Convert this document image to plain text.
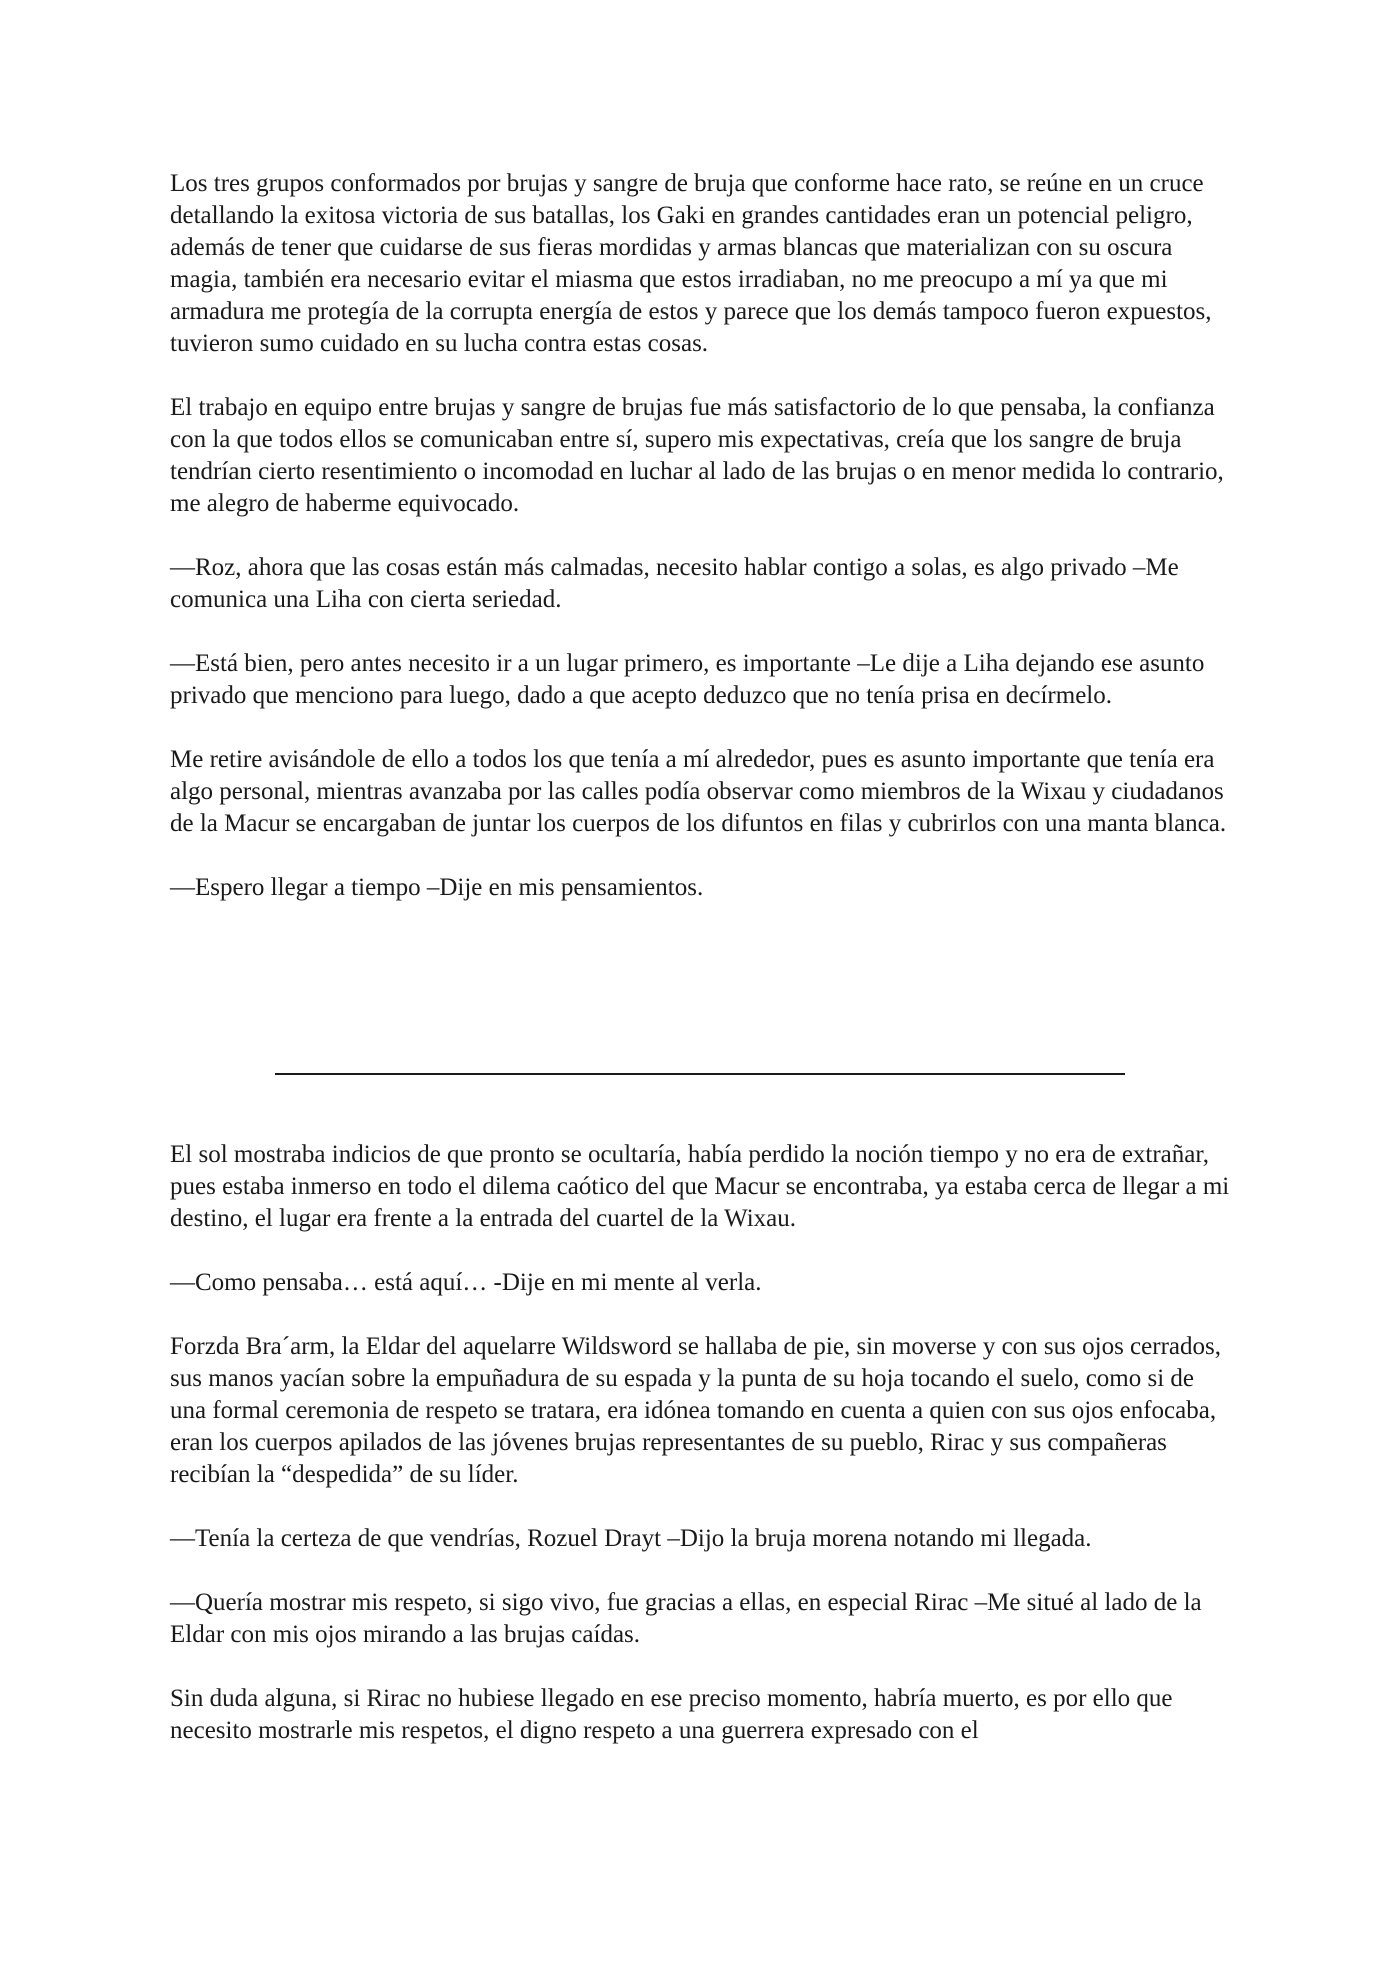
Los tres grupos conformados por brujas y sangre de bruja que conforme hace rato, se reúne en un cruce detallando la exitosa victoria de sus batallas, los Gaki en grandes cantidades eran un potencial peligro, además de tener que cuidarse de sus fieras mordidas y armas blancas que materializan con su oscura magia, también era necesario evitar el miasma que estos irradiaban, no me preocupo a mí ya que mi armadura me protegía de la corrupta energía de estos y parece que los demás tampoco fueron expuestos, tuvieron sumo cuidado en su lucha contra estas cosas.

El trabajo en equipo entre brujas y sangre de brujas fue más satisfactorio de lo que pensaba, la confianza con la que todos ellos se comunicaban entre sí, supero mis expectativas, creía que los sangre de bruja tendrían cierto resentimiento o incomodad en luchar al lado de las brujas o en menor medida lo contrario, me alegro de haberme equivocado.

—Roz, ahora que las cosas están más calmadas, necesito hablar contigo a solas, es algo privado –Me comunica una Liha con cierta seriedad.

—Está bien, pero antes necesito ir a un lugar primero, es importante –Le dije a Liha dejando ese asunto privado que menciono para luego, dado a que acepto deduzco que no tenía prisa en decírmelo.

Me retire avisándole de ello a todos los que tenía a mí alrededor, pues es asunto importante que tenía era algo personal, mientras avanzaba por las calles podía observar como miembros de la Wixau y ciudadanos de la Macur se encargaban de juntar los cuerpos de los difuntos en filas y cubrirlos con una manta blanca.

—Espero llegar a tiempo –Dije en mis pensamientos.

El sol mostraba indicios de que pronto se ocultaría, había perdido la noción tiempo y no era de extrañar, pues estaba inmerso en todo el dilema caótico del que Macur se encontraba, ya estaba cerca de llegar a mi destino, el lugar era frente a la entrada del cuartel de la Wixau.

—Como pensaba… está aquí… -Dije en mi mente al verla.

Forzda Bra´arm, la Eldar del aquelarre Wildsword se hallaba de pie, sin moverse y con sus ojos cerrados, sus manos yacían sobre la empuñadura de su espada y la punta de su hoja tocando el suelo, como si de una formal ceremonia de respeto se tratara, era idónea tomando en cuenta a quien con sus ojos enfocaba, eran los cuerpos apilados de las jóvenes brujas representantes de su pueblo, Rirac y sus compañeras recibían la “despedida” de su líder.

—Tenía la certeza de que vendrías, Rozuel Drayt –Dijo la bruja morena notando mi llegada.

—Quería mostrar mis respeto, si sigo vivo, fue gracias a ellas, en especial Rirac –Me situé al lado de la Eldar con mis ojos mirando a las brujas caídas.

Sin duda alguna, si Rirac no hubiese llegado en ese preciso momento, habría muerto, es por ello que necesito mostrarle mis respetos, el digno respeto a una guerrera expresado con el
